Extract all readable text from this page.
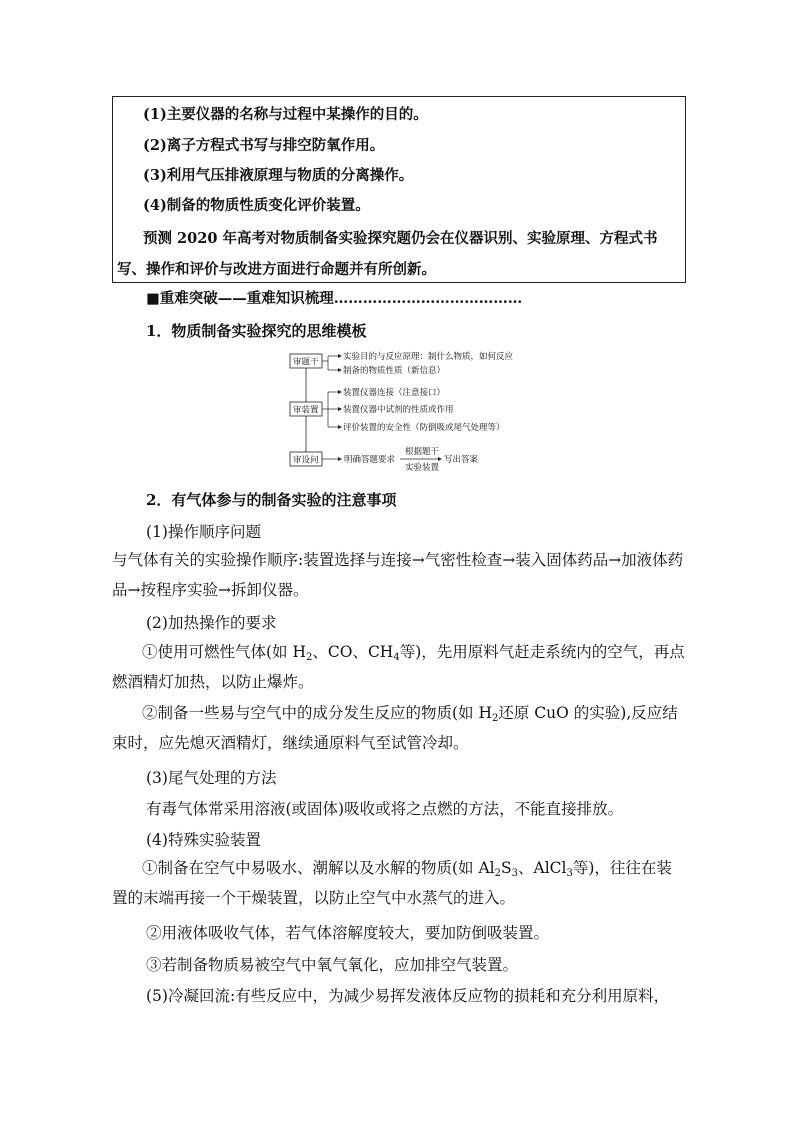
(1)主要仪器的名称与过程中某操作的目的。
(2)离子方程式书写与排空防氧作用。
(3)利用气压排液原理与物质的分离操作。
(4)制备的物质性质变化评价装置。
预测 2020 年高考对物质制备实验探究题仍会在仪器识别、实验原理、方程式书写、操作和评价与改进方面进行命题并有所创新。
■重难突破——重难知识梳理…………………………………
1．物质制备实验探究的思维模板
审题干
实验目的与反应原理：制什么物质，如何反应
制备的物质性质（新信息）
审装置
装置仪器连接（注意接口）
装置仪器中试剂的性质或作用
评价装置的安全性（防倒吸或尾气处理等）
审设问	明确答题要求
根据题干
实验装置
写出答案
2．有气体参与的制备实验的注意事项
(1)操作顺序问题
与气体有关的实验操作顺序:装置选择与连接→气密性检查→装入固体药品→加液体药品→按程序实验→拆卸仪器。
(2)加热操作的要求
①使用可燃性气体(如 $H_2$、CO、$CH_4$等)，先用原料气赶走系统内的空气，再点燃酒精灯加热，以防止爆炸。
②制备一些易与空气中的成分发生反应的物质(如 $H_2$还原 CuO 的实验),反应结束时，应先熄灭酒精灯，继续通原料气至试管冷却。
(3)尾气处理的方法
有毒气体常采用溶液(或固体)吸收或将之点燃的方法，不能直接排放。
(4)特殊实验装置
①制备在空气中易吸水、潮解以及水解的物质(如 $Al_2S_3$、AlCl$_3$等)，往往在装置的末端再接一个干燥装置，以防止空气中水蒸气的进入。
②用液体吸收气体，若气体溶解度较大，要加防倒吸装置。
③若制备物质易被空气中氧气氧化，应加排空气装置。
(5)冷凝回流:有些反应中，为减少易挥发液体反应物的损耗和充分利用原料，
